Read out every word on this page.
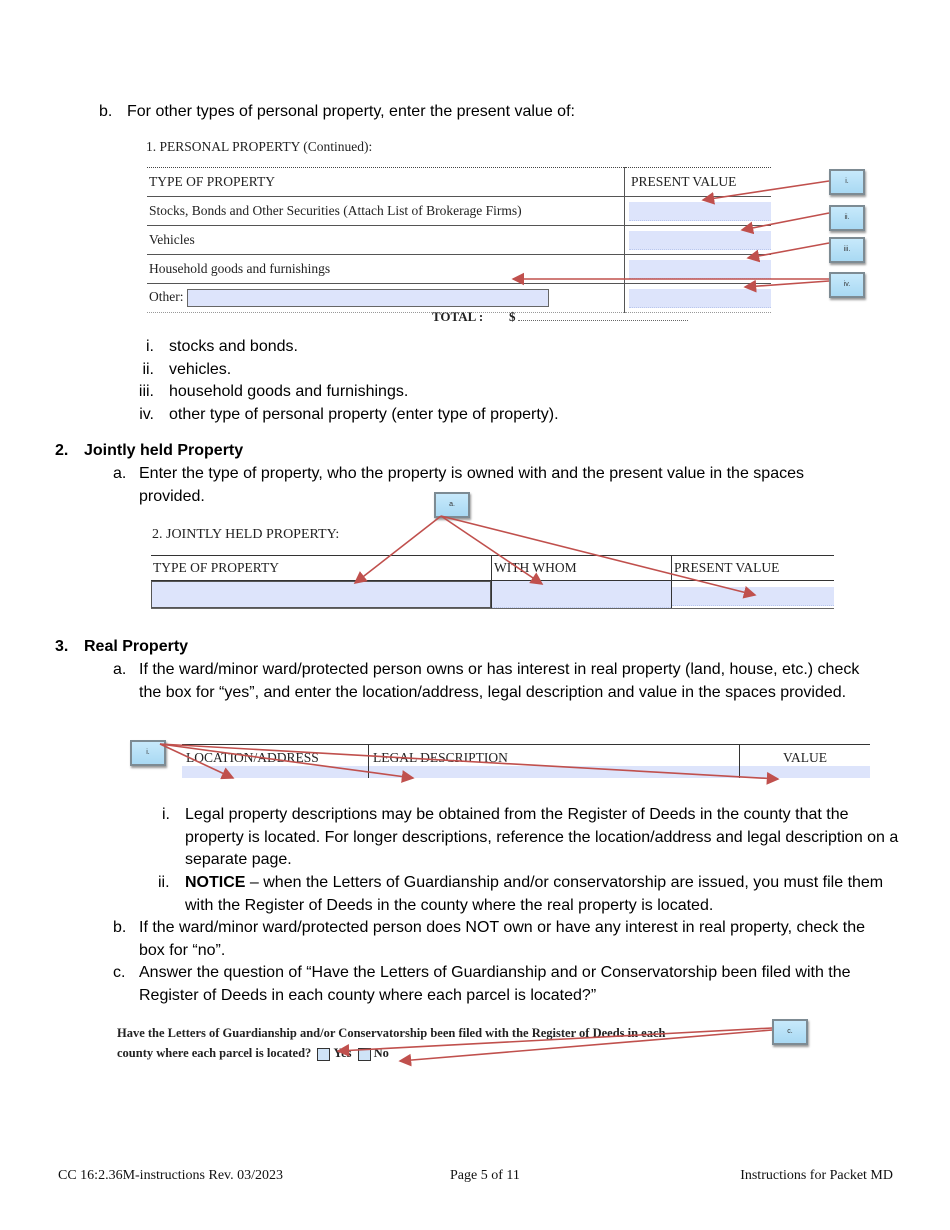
b. For other types of personal property, enter the present value of:
1. PERSONAL PROPERTY (Continued):
TYPE OF PROPERTY	PRESENT VALUE
Stocks, Bonds and Other Securities (Attach List of Brokerage Firms)	

Vehicles	

Household goods and furnishings	

Other:	
i.
ii.
iii.
iv.
TOTAL : $
i. stocks and bonds.
ii. vehicles.
iii. household goods and furnishings.
iv. other type of personal property (enter type of property).
2. Jointly held Property
a. Enter the type of property, who the property is owned with and the present value in the spaces provided.	a.
2. JOINTLY HELD PROPERTY:
TYPE OF PROPERTY	WITH WHOM	PRESENT VALUE

3. Real Property
a. If the ward/minor ward/protected person owns or has interest in real property (land, house, etc.) check the box for “yes”, and enter the location/address, legal description and value in the spaces provided.
i.	LOCATION/ADDRESS	LEGAL DESCRIPTION	VALUE

i. Legal property descriptions may be obtained from the Register of Deeds in the county that the property is located. For longer descriptions, reference the location/address and legal description on a separate page.
ii. NOTICE – when the Letters of Guardianship and/or conservatorship are issued, you must file them with the Register of Deeds in the county where the real property is located.
b. If the ward/minor ward/protected person does NOT own or have any interest in real property, check the box for “no”.
c. Answer the question of “Have the Letters of Guardianship and or Conservatorship been filed with the Register of Deeds in each county where each parcel is located?”
Have the Letters of Guardianship and/or Conservatorship been filed with the Register of Deeds in each
county where each parcel is located? Yes No
c.
CC 16:2.36M-instructions Rev. 03/2023	Page 5 of 11	Instructions for Packet MD
